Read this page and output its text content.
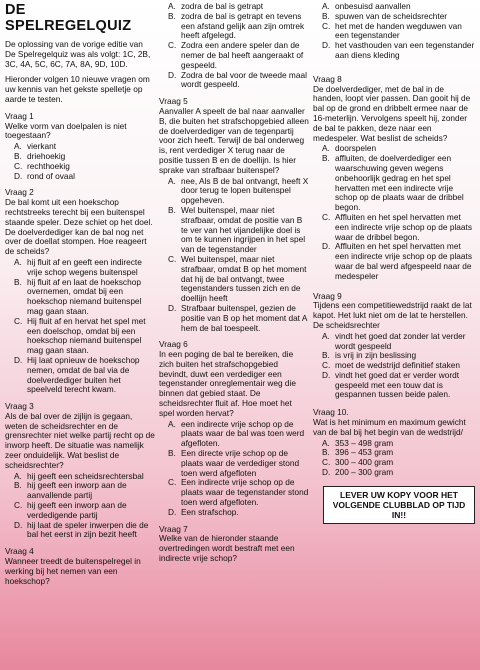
DE SPELREGELQUIZ

De oplossing van de vorige editie van De Spelregelquiz was als volgt: 1C, 2B, 3C, 4A, 5C, 6C, 7A, 8A, 9D, 10D.

Hieronder volgen 10 nieuwe vragen om uw kennis van het gekste spelletje op aarde te testen.

Vraag 1
Welke vorm van doelpalen is niet toegestaan?
A. vierkant
B. driehoekig
C. rechthoekig
D. rond of ovaal
Vraag 2
De bal komt uit een hoekschop rechtstreeks terecht bij een buitenspel staande speler. Deze schiet op het doel. De doelverdediger kan de bal nog net over de doellat stompen. Hoe reageert de scheids?
A. hij fluit af en geeft een indirecte vrije schop wegens buitenspel
B. hij fluit af en laat de hoekschop overnemen, omdat bij een hoekschop niemand buitenspel mag gaan staan.
C. Hij fluit af en hervat het spel met een doelschop, omdat bij een hoekschop niemand buitenspel mag gaan staan.
D. Hij laat opnieuw de hoekschop nemen, omdat de bal via de doelverdediger buiten het speelveld terecht kwam.
Vraag 3
Als de bal over de zijlijn is gegaan, weten de scheidsrechter en de grensrechter niet welke partij recht op de inworp heeft. De situatie was namelijk zeer onduidelijk. Wat beslist de scheidsrechter?
A. hij geeft een scheidsrechtersbal
B. hij geeft een inworp aan de aanvallende partij
C. hij geeft een inworp aan de verdedigende partij
D. hij laat de speler inwerpen die de bal het eerst in zijn bezit heeft
Vraag 4
Wanneer treedt de buitenspelregel in werking bij het nemen van een hoekschop?
A. zodra de bal is getrapt
B. zodra de bal is getrapt en tevens een afstand gelijk aan zijn omtrek heeft afgelegd.
C. Zodra een andere speler dan de nemer de bal heeft aangeraakt of gespeeld.
D. Zodra de bal voor de tweede maal wordt gespeeld.
Vraag 5
Aanvaller A speelt de bal naar aanvaller B, die buiten het strafschopgebied alleen de doelverdediger van de tegenpartij voor zich heeft. Terwijl de bal onderweg is, rent verdediger X terug naar de positie tussen B en de doellijn. Is hier sprake van strafbaar buitenspel?
A. nee, Als B de bal ontvangt, heeft X door terug te lopen buitenspel opgeheven.
B. Wel buitenspel, maar niet strafbaar, omdat de positie van B te ver van het vijandelijke doel is om te kunnen ingrijpen in het spel van de tegenstander
C. Wel buitenspel, maar niet strafbaar, omdat B op het moment dat hij de bal ontvangt, twee tegenstanders tussen zich en de doellijn heeft
D. Strafbaar buitenspel, gezien de positie van B op het moment dat A hem de bal toespeelt.
Vraag 6
In een poging de bal te bereiken, die zich buiten het strafschopgebied bevindt, duwt een verdediger een tegenstander onreglementair weg die binnen dat gebied staat. De scheidsrechter fluit af. Hoe moet het spel worden hervat?
A. een indirecte vrije schop op de plaats waar de bal was toen werd afgefloten.
B. Een directe vrije schop op de plaats waar de verdediger stond toen werd afgefloten
C. Een indirecte vrije schop op de plaats waar de tegenstander stond toen werd afgefloten.
D. Een strafschop.
Vraag 7
Welke van de hieronder staande overtredingen wordt bestraft met een indirecte vrije schop?
A. onbesuisd aanvallen
B. spuwen van de scheidsrechter
C. het met de handen wegduwen van een tegenstander
D. het vasthouden van een tegenstander aan diens kleding
Vraag 8
De doelverdediger, met de bal in de handen, loopt vier passen. Dan gooit hij de bal op de grond en dribbelt ermee naar de 16-meterlijn. Vervolgens speelt hij, zonder de bal te pakken, deze naar een medespeler. Wat beslist de scheids?
A. doorspelen
B. affluiten, de doelverdediger een waarschuwing geven wegens onbehoorlijk gedrag en het spel hervatten met een indirecte vrije schop op de plaats waar de dribbel begon.
C. Affluiten en het spel hervatten met een indirecte vrije schop op de plaats waar de dribbel begon.
D. Affluiten en het spel hervatten met een indirecte vrije schop op de plaats waar de bal werd afgespeeld naar de medespeler
Vraag 9
Tijdens een competitiewedstrijd raakt de lat kapot. Het lukt niet om de lat te herstellen. De scheidsrechter
A. vindt het goed dat zonder lat verder wordt gespeeld
B. is vrij in zijn beslissing
C. moet de wedstrijd definitief staken
D. vindt het goed dat er verder wordt gespeeld met een touw dat is gespannen tussen beide palen.
Vraag 10.
Wat is het minimum en maximum gewicht van de bal bij het begin van de wedstrijd/
A. 353 – 498 gram
B. 396 – 453 gram
C. 300 – 400 gram
D. 200 – 300 gram
LEVER UW KOPY VOOR HET VOLGENDE CLUBBLAD OP TIJD IN!!
